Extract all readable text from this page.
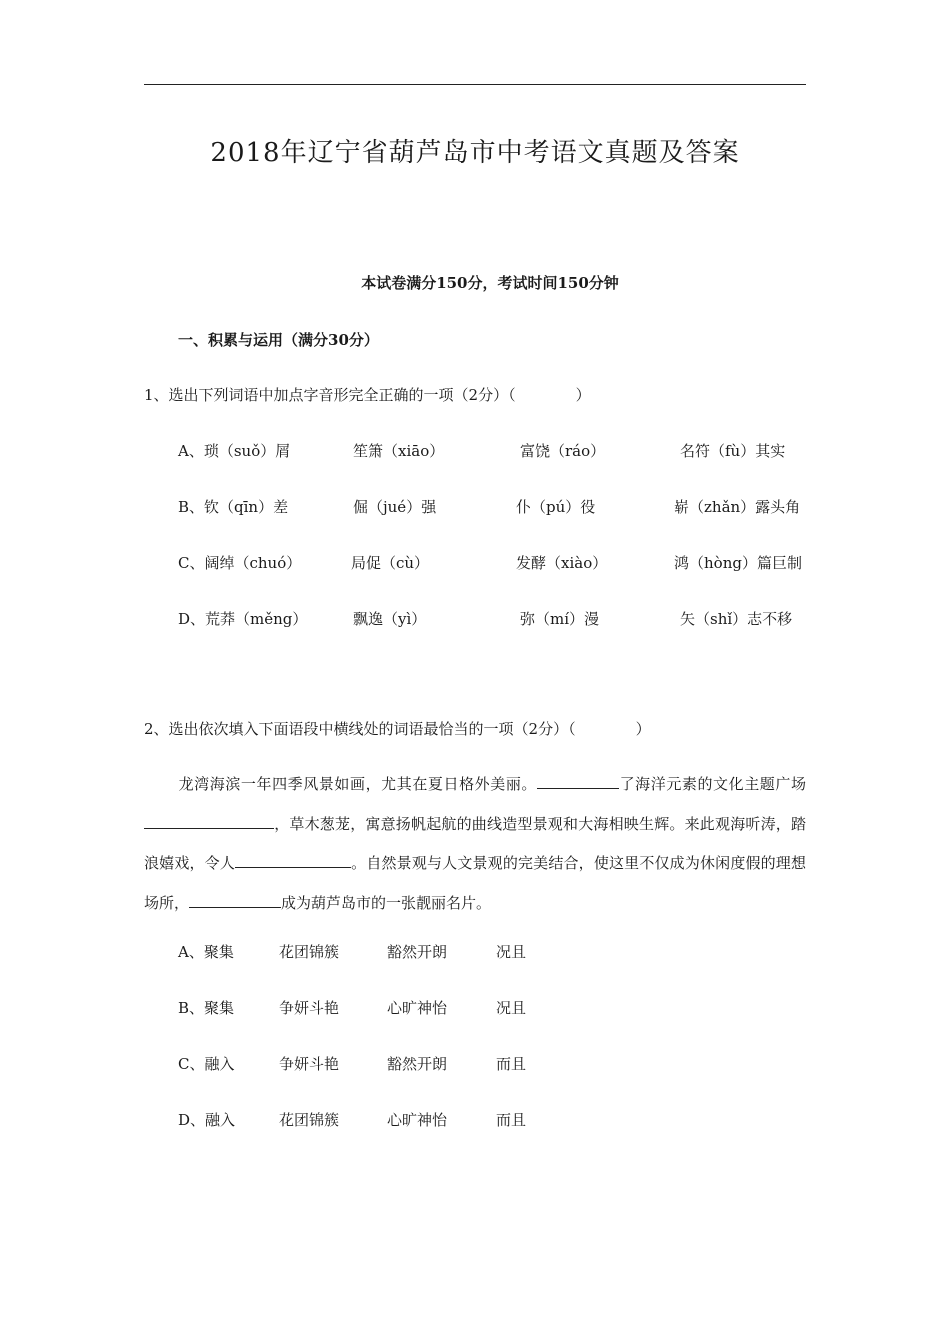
2018年辽宁省葫芦岛市中考语文真题及答案
本试卷满分150分，考试时间150分钟
一、积累与运用（满分30分）
1、选出下列词语中加点字音形完全正确的一项（2分）（　　　　）
A、琐（suǒ）屑	笙箫（xiāo）	富饶（ráo）	名符（fù）其实
B、钦（qīn）差	倔（jué）强	仆（pú）役	崭（zhǎn）露头角
C、阔绰（chuó）	局促（cù）	发酵（xiào）	鸿（hòng）篇巨制
D、荒莽（měng）	飘逸（yì）	弥（mí）漫	矢（shǐ）志不移
2、选出依次填入下面语段中横线处的词语最恰当的一项（2分）（　　　　）
龙湾海滨一年四季风景如画，尤其在夏日格外美丽。	了海洋元素的文化主题广场，草木葱茏，寓意扬帆起航的曲线造型景观和大海相映生辉。来此观海听涛，踏浪嬉戏，令人	。自然景观与人文景观的完美结合，使这里不仅成为休闲度假的理想场所，	成为葫芦岛市的一张靓丽名片。
A、聚集	花团锦簇	豁然开朗	况且
B、聚集	争妍斗艳	心旷神怡	况且
C、融入	争妍斗艳	豁然开朗	而且
D、融入	花团锦簇	心旷神怡	而且
